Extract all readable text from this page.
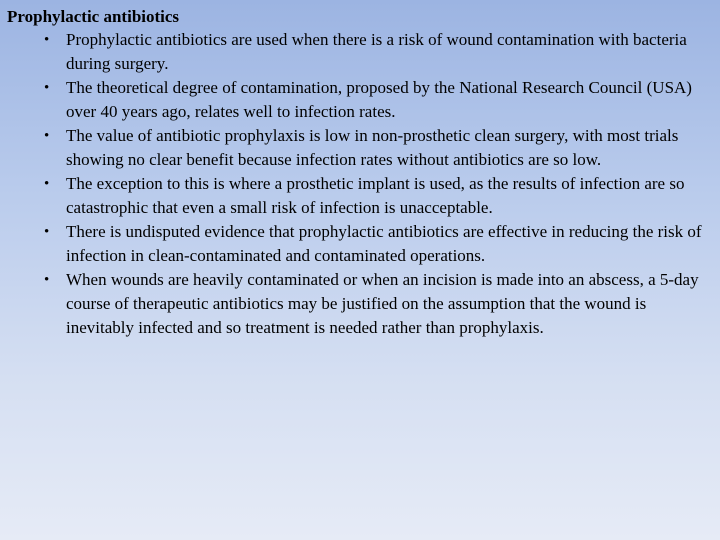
Prophylactic antibiotics
• Prophylactic antibiotics are used when there is a risk of wound contamination with bacteria during surgery.
• The theoretical degree of contamination, proposed by the National Research Council (USA) over 40 years ago, relates well to infection rates.
• The value of antibiotic prophylaxis is low in non-prosthetic clean surgery, with most trials showing no clear benefit because infection rates without antibiotics are so low.
• The exception to this is where a prosthetic implant is used, as the results of infection are so catastrophic that even a small risk of infection is unacceptable.
• There is undisputed evidence that prophylactic antibiotics are effective in reducing the risk of infection in clean-contaminated and contaminated operations.
• When wounds are heavily contaminated or when an incision is made into an abscess, a 5-day course of therapeutic antibiotics may be justified on the assumption that the wound is inevitably infected and so treatment is needed rather than prophylaxis.
